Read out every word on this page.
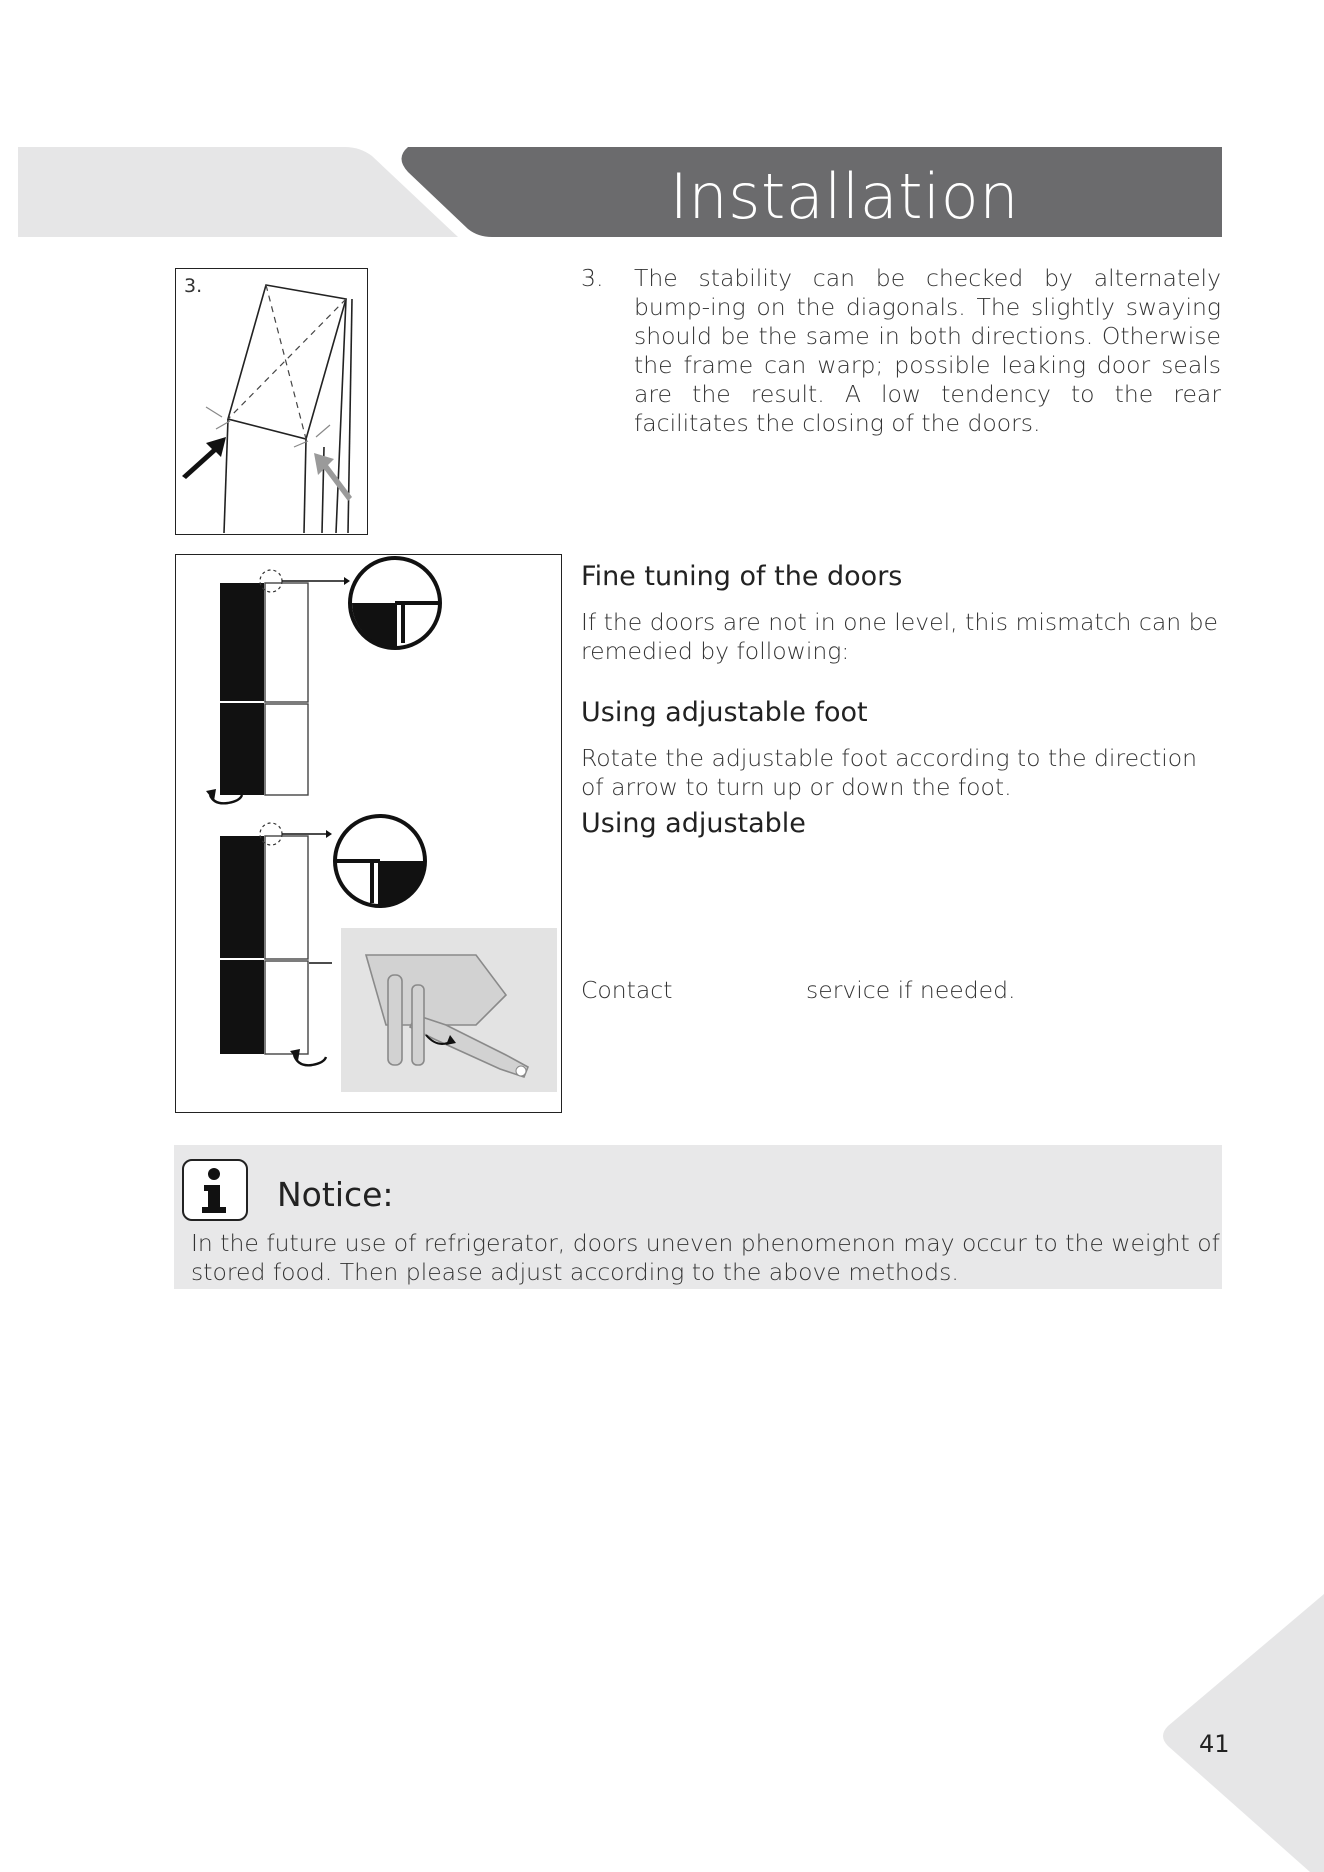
Installation
3.	3. The stability can be checked by alternately bump-ing on the diagonals. The slightly swaying should be the same in both directions. Otherwise the frame can warp; possible leaking door seals are the result. A low tendency to the rear facilitates the closing of the doors.
Fine tuning of the doors
If the doors are not in one level, this mismatch can be remedied by following:
Using adjustable foot
Rotate the adjustable foot according to the direction of arrow to turn up or down the foot.
Using adjustable
Contact	service if needed.
Notice:
In the future use of refrigerator, doors uneven phenomenon may occur to the weight of stored food. Then please adjust according to the above methods.
41
